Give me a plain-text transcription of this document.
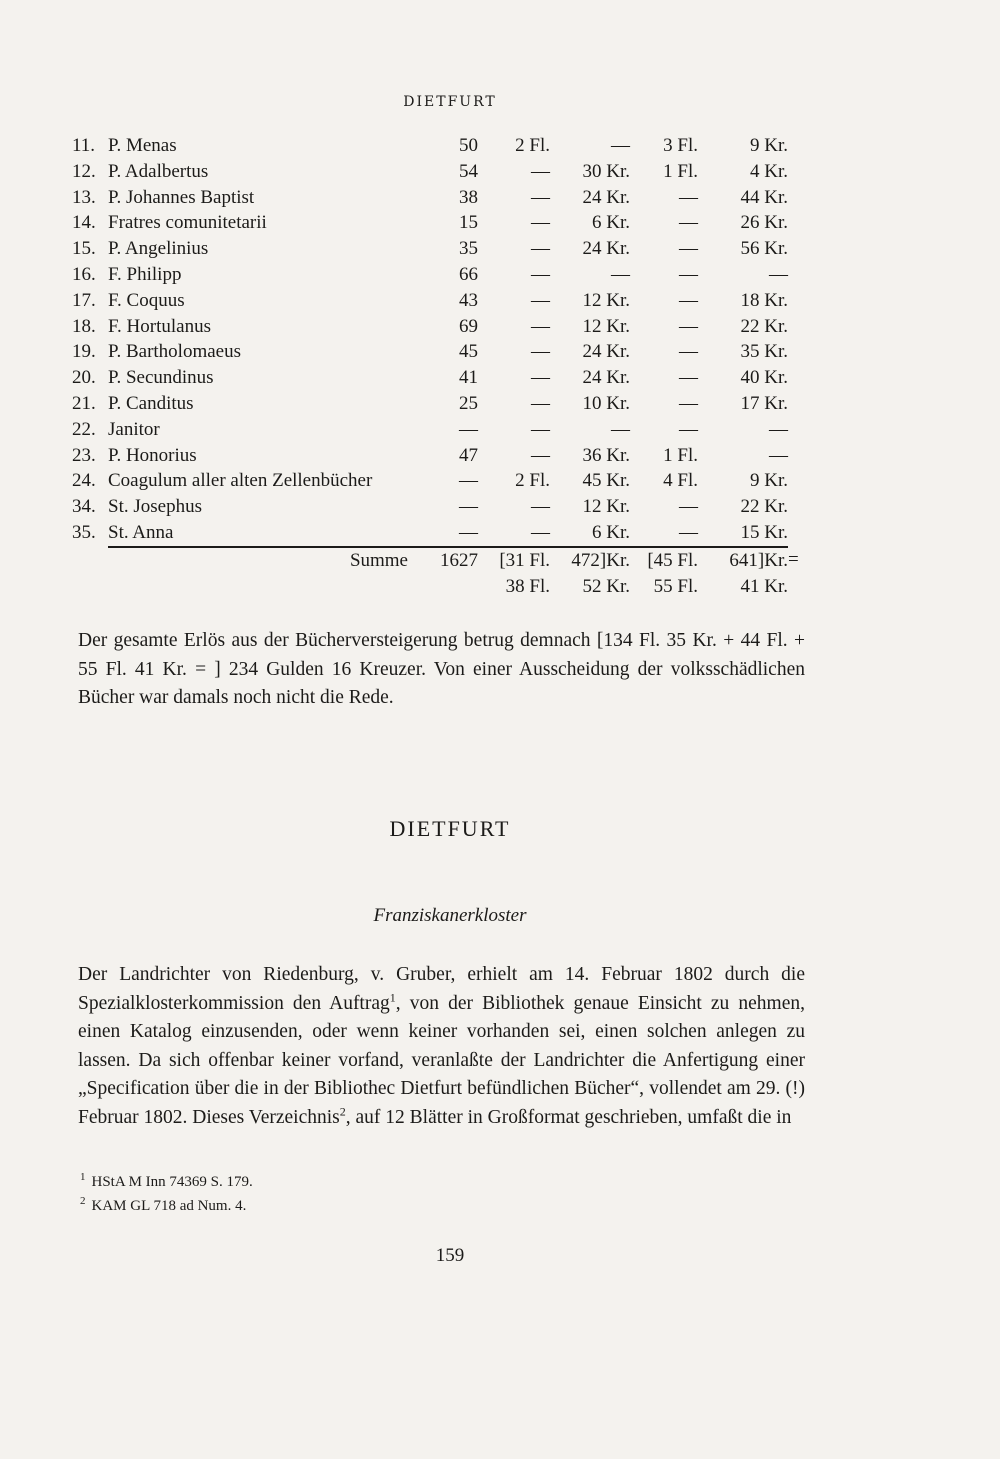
DIETFURT
11.	P. Menas	50	2 Fl.	—	3 Fl.	9 Kr.	
12.	P. Adalbertus	54	—	30 Kr.	1 Fl.	4 Kr.	
13.	P. Johannes Baptist	38	—	24 Kr.	—	44 Kr.	
14.	Fratres comunitetarii	15	—	6 Kr.	—	26 Kr.	
15.	P. Angelinius	35	—	24 Kr.	—	56 Kr.	
16.	F. Philipp	66	—	—	—	—	
17.	F. Coquus	43	—	12 Kr.	—	18 Kr.	
18.	F. Hortulanus	69	—	12 Kr.	—	22 Kr.	
19.	P. Bartholomaeus	45	—	24 Kr.	—	35 Kr.	
20.	P. Secundinus	41	—	24 Kr.	—	40 Kr.	
21.	P. Canditus	25	—	10 Kr.	—	17 Kr.	
22.	Janitor	—	—	—	—	—	
23.	P. Honorius	47	—	36 Kr.	1 Fl.	—	
24.	Coagulum aller alten Zellenbücher	—	2 Fl.	45 Kr.	4 Fl.	9 Kr.	
34.	St. Josephus	—	—	12 Kr.	—	22 Kr.	
35.	St. Anna	—	—	6 Kr.	—	15 Kr.	
	Summe	1627	[31 Fl.	472]Kr.	[45 Fl.	641]Kr.	=
			38 Fl.	52 Kr.	55 Fl.	41 Kr.	

Der gesamte Erlös aus der Bücherversteigerung betrug demnach [134 Fl. 35 Kr. + 44 Fl. + 55 Fl. 41 Kr. = ] 234 Gulden 16 Kreuzer. Von einer Ausscheidung der volksschädlichen Bücher war damals noch nicht die Rede.

DIETFURT
Franziskanerkloster

Der Landrichter von Riedenburg, v. Gruber, erhielt am 14. Februar 1802 durch die Spezialklosterkommission den Auftrag$^1$, von der Bibliothek genaue Einsicht zu nehmen, einen Katalog einzusenden, oder wenn keiner vorhanden sei, einen solchen anlegen zu lassen. Da sich offenbar keiner vorfand, veranlaßte der Landrichter die Anfertigung einer „Specification über die in der Bibliothec Dietfurt befündlichen Bücher“, vollendet am 29. (!) Februar 1802. Dieses Verzeichnis$^2$, auf 12 Blätter in Großformat geschrieben, umfaßt die in

$^1$ HStA M Inn 74369 S. 179.
$^2$ KAM GL 718 ad Num. 4.
159
